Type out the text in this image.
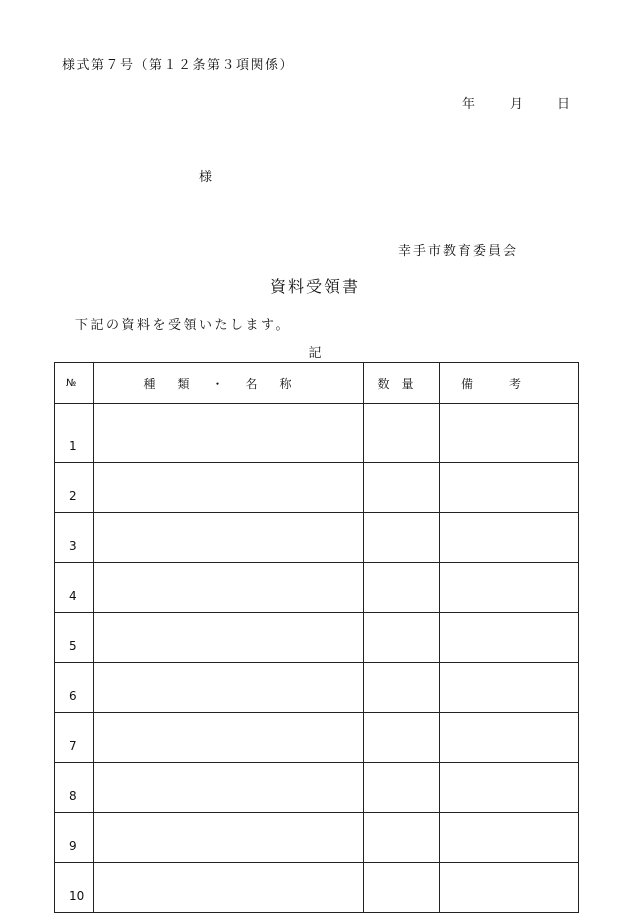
様式第７号（第１２条第３項関係）
年	月	日
様
幸手市教育委員会
資料受領書
下記の資料を受領いたします。
記
№	種類・名称	数量	備考
1			
2			
3			
4			
5			
6			
7			
8			
9			
10			
